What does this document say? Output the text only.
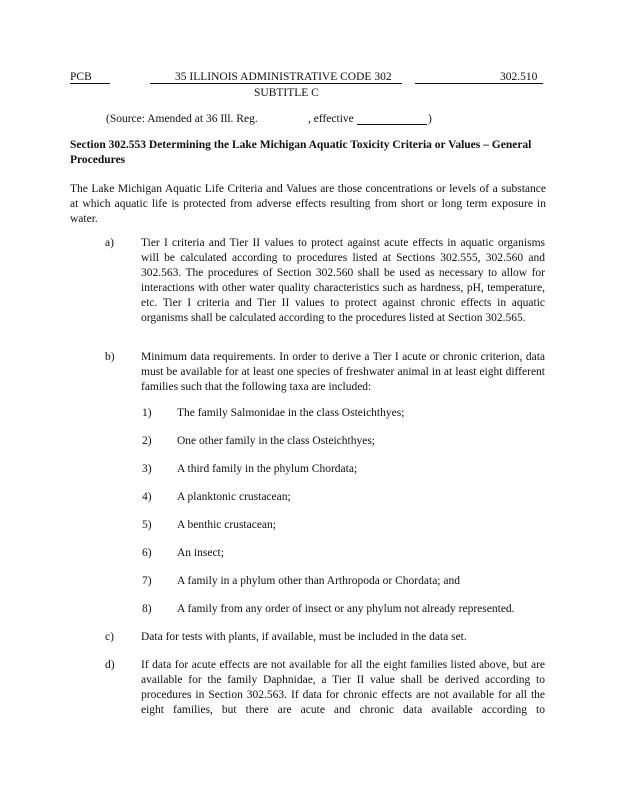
PCB	35 ILLINOIS ADMINISTRATIVE CODE 302	302.510
SUBTITLE C
(Source: Amended at 36 Ill. Reg.	, effective	)
Section 302.553 Determining the Lake Michigan Aquatic Toxicity Criteria or Values – General Procedures
The Lake Michigan Aquatic Life Criteria and Values are those concentrations or levels of a substance at which aquatic life is protected from adverse effects resulting from short or long term exposure in water.
a) Tier I criteria and Tier II values to protect against acute effects in aquatic organisms will be calculated according to procedures listed at Sections 302.555, 302.560 and 302.563. The procedures of Section 302.560 shall be used as necessary to allow for interactions with other water quality characteristics such as hardness, pH, temperature, etc. Tier I criteria and Tier II values to protect against chronic effects in aquatic organisms shall be calculated according to the procedures listed at Section 302.565.
b) Minimum data requirements. In order to derive a Tier I acute or chronic criterion, data must be available for at least one species of freshwater animal in at least eight different families such that the following taxa are included:
1) The family Salmonidae in the class Osteichthyes;
2) One other family in the class Osteichthyes;
3) A third family in the phylum Chordata;
4) A planktonic crustacean;
5) A benthic crustacean;
6) An insect;
7) A family in a phylum other than Arthropoda or Chordata; and
8) A family from any order of insect or any phylum not already represented.
c) Data for tests with plants, if available, must be included in the data set.
d) If data for acute effects are not available for all the eight families listed above, but are available for the family Daphnidae, a Tier II value shall be derived according to procedures in Section 302.563. If data for chronic effects are not available for all the eight families, but there are acute and chronic data available according to
